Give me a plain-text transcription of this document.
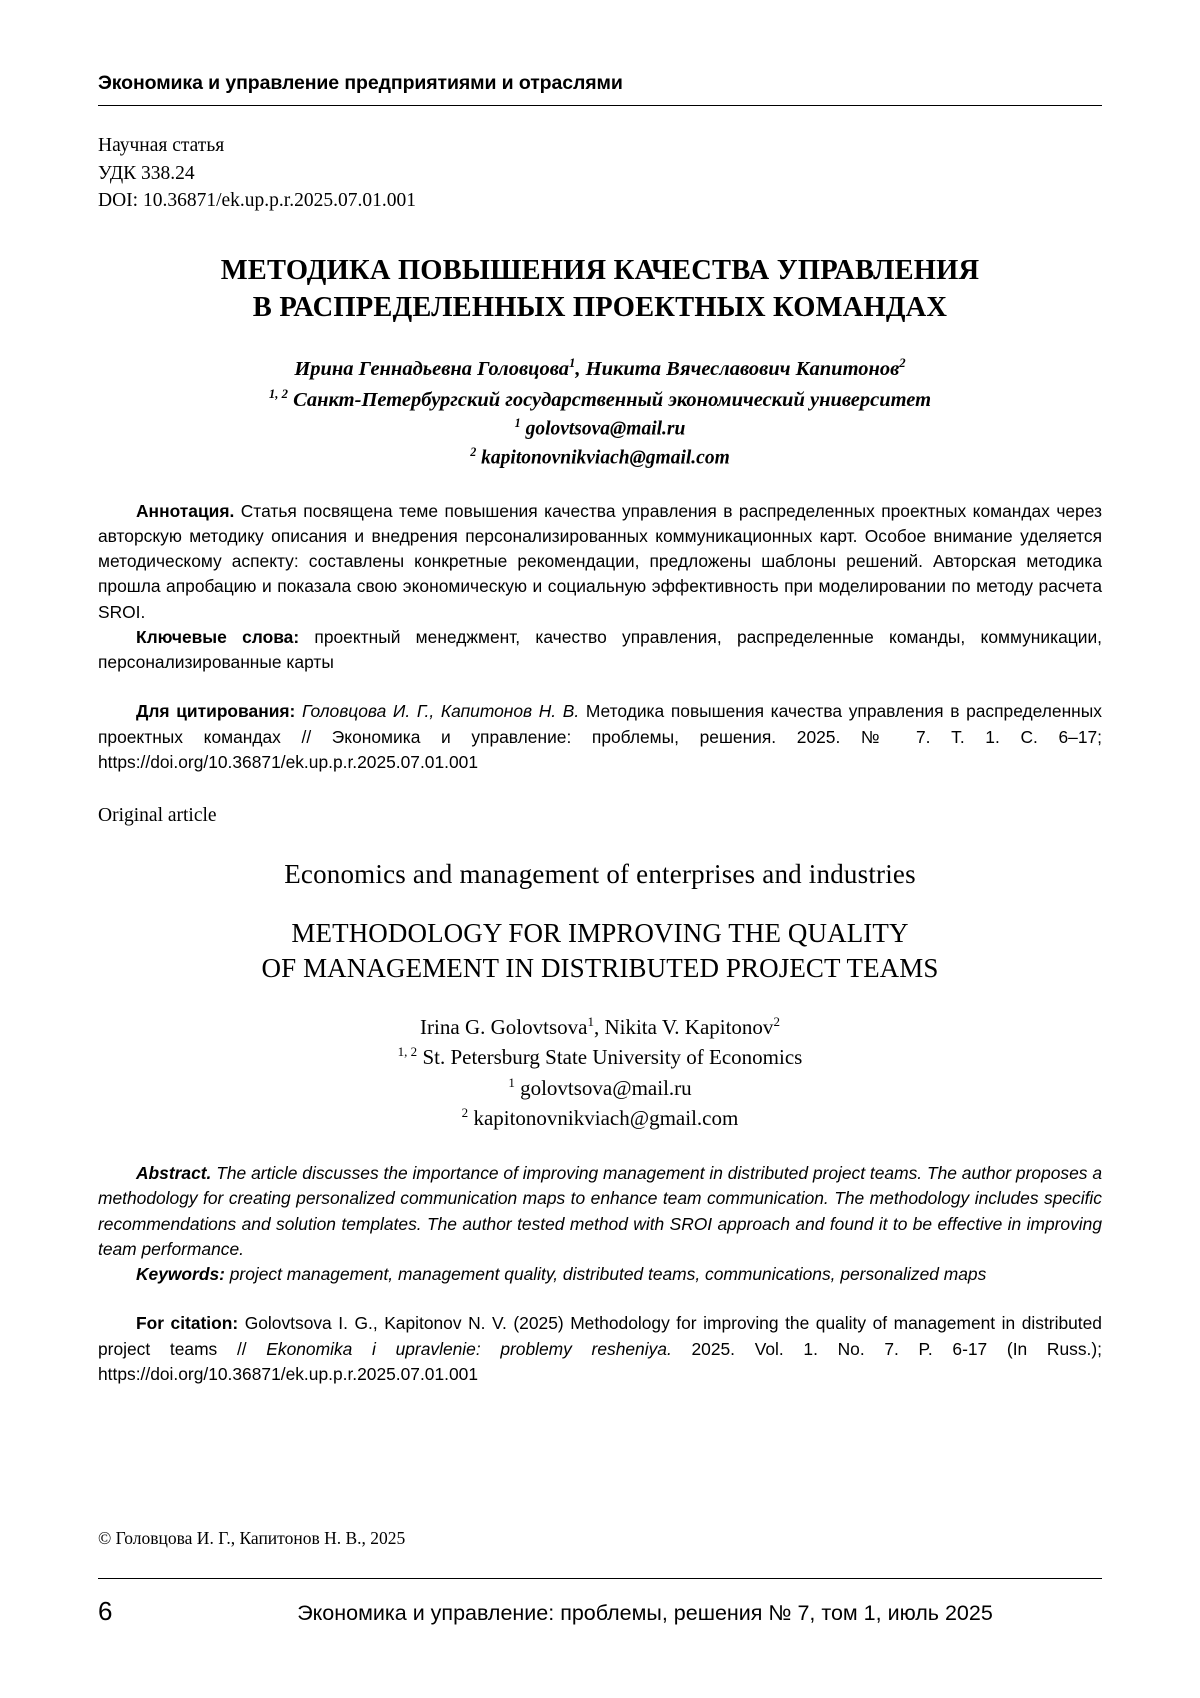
Экономика и управление предприятиями и отраслями
Научная статья
УДК 338.24
DOI: 10.36871/ek.up.p.r.2025.07.01.001
МЕТОДИКА ПОВЫШЕНИЯ КАЧЕСТВА УПРАВЛЕНИЯ
В РАСПРЕДЕЛЕННЫХ ПРОЕКТНЫХ КОМАНДАХ
Ирина Геннадьевна Головцова$^1$, Никита Вячеславович Капитонов$^2$
$^{1, 2}$ Санкт-Петербургский государственный экономический университет
$^1$ golovtsova@mail.ru
$^2$ kapitonovnikviach@gmail.com

Аннотация. Статья посвящена теме повышения качества управления в распределенных проектных командах через авторскую методику описания и внедрения персонализированных коммуникационных карт. Особое внимание уделяется методическому аспекту: составлены конкретные рекомендации, предложены шаблоны решений. Авторская методика прошла апробацию и показала свою экономическую и социальную эффективность при моделировании по методу расчета SROI.

Ключевые слова: проектный менеджмент, качество управления, распределенные команды, коммуникации, персонализированные карты

Для цитирования: Головцова И. Г., Капитонов Н. В. Методика повышения качества управления в распределенных проектных командах // Экономика и управление: проблемы, решения. 2025. № 7. Т. 1. С. 6–17; https://doi.org/10.36871/ek.up.p.r.2025.07.01.001

Original article
Economics and management of enterprises and industries
METHODOLOGY FOR IMPROVING THE QUALITY
OF MANAGEMENT IN DISTRIBUTED PROJECT TEAMS
Irina G. Golovtsova$^1$, Nikita V. Kapitonov$^2$
$^{1, 2}$ St. Petersburg State University of Economics
$^1$ golovtsova@mail.ru
$^2$ kapitonovnikviach@gmail.com

Abstract. The article discusses the importance of improving management in distributed project teams. The author proposes a methodology for creating personalized communication maps to enhance team communication. The methodology includes specific recommendations and solution templates. The author tested method with SROI approach and found it to be effective in improving team performance.

Keywords: project management, management quality, distributed teams, communications, personalized maps

For citation: Golovtsova I. G., Kapitonov N. V. (2025) Methodology for improving the quality of management in distributed project teams // Ekonomika i upravlenie: problemy resheniya. 2025. Vol. 1. No. 7. P. 6-17 (In Russ.); https://doi.org/10.36871/ek.up.p.r.2025.07.01.001

© Головцова И. Г., Капитонов Н. В., 2025
6	Экономика и управление: проблемы, решения № 7, том 1, июль 2025
